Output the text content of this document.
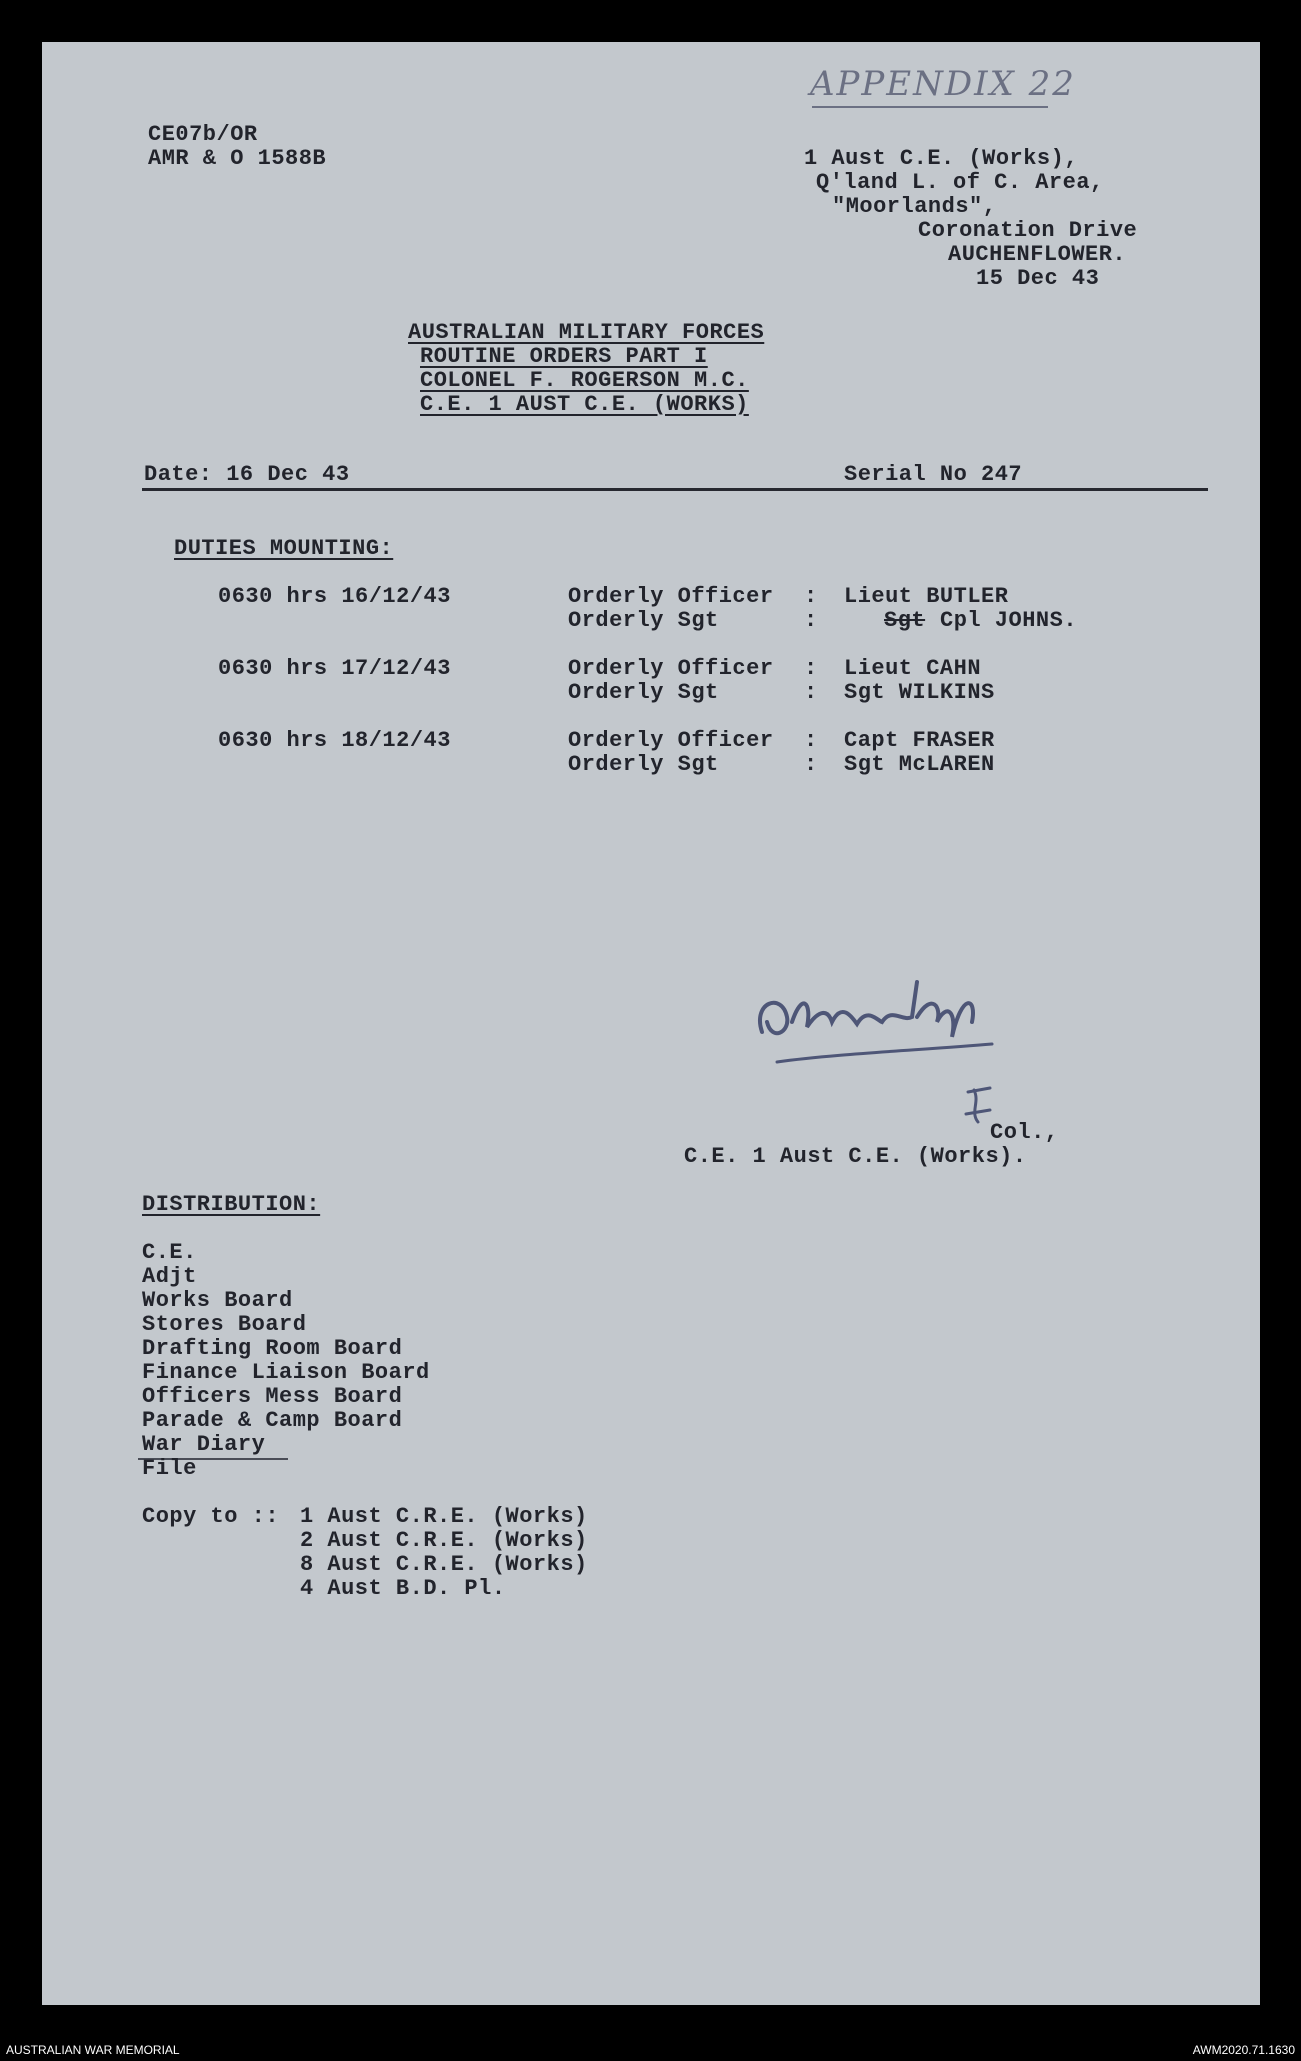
APPENDIX 22
CE07b/OR
AMR & O 1588B	1 Aust C.E. (Works),
Q'land L. of C. Area,
"Moorlands",
Coronation Drive
AUCHENFLOWER.
15 Dec 43
AUSTRALIAN MILITARY FORCES
ROUTINE ORDERS PART I
COLONEL F. ROGERSON M.C.
C.E. 1 AUST C.E. (WORKS)
Date: 16 Dec 43	Serial No 247
DUTIES MOUNTING:
0630 hrs 16/12/43	Orderly Officer : Lieut BUTLER
Orderly Sgt	:	Sgt Cpl JOHNS.
0630 hrs 17/12/43	Orderly Officer : Lieut CAHN
Orderly Sgt	: Sgt WILKINS
0630 hrs 18/12/43	Orderly Officer : Capt FRASER
Orderly Sgt	: Sgt McLAREN
Col.,
C.E. 1 Aust C.E. (Works).
DISTRIBUTION:
C.E.
Adjt
Works Board
Stores Board
Drafting Room Board
Finance Liaison Board
Officers Mess Board
Parade & Camp Board
War Diary
File
Copy to :: 1 Aust C.R.E. (Works)
2 Aust C.R.E. (Works)
8 Aust C.R.E. (Works)
4 Aust B.D. Pl.
AUSTRALIAN WAR MEMORIAL	AWM2020.71.1630
